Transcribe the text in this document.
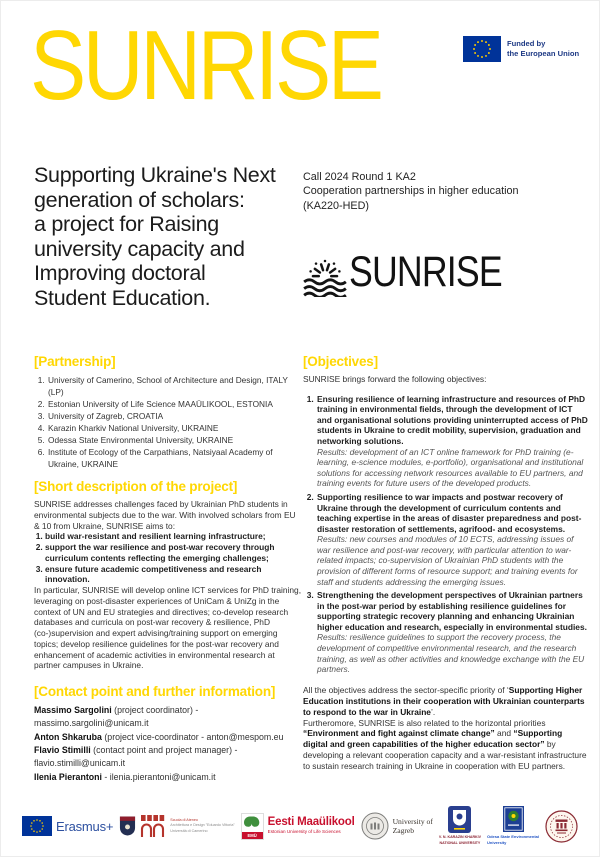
SUNRISE	Funded by
the European Union
Supporting Ukraine's Next
generation of scholars:
a project for Raising
university capacity and
Improving doctoral
Student Education.
Call 2024 Round 1 KA2
Cooperation partnerships in higher education
(KA220-HED)
SUNRISE
[Partnership]
1. University of Camerino, School of Architecture and Design, ITALY (LP)
2. Estonian University of Life Science MAAÜLIKOOL, ESTONIA
3. University of Zagreb, CROATIA
4. Karazin Kharkiv National University, UKRAINE
5. Odessa State Environmental University, UKRAINE
6. Institute of Ecology of the Carpathians, Natsiyaal Academy of Ukraine, UKRAINE
[Short description of the project]

SUNRISE addresses challenges faced by Ukrainian PhD students in environmental subjects due to the war. With involved scholars from EU & 10 from Ukraine, SUNRISE aims to:

1. build war-resistant and resilient learning infrastructure;
2. support the war resilience and post-war recovery through curriculum contents reflecting the emerging challenges;
3. ensure future academic competitiveness and research innovation.

In particular, SUNRISE will develop online ICT services for PhD training, leveraging on post-disaster experiences of UniCam & UniZg in the context of UN and EU strategies and directives; co-develop research databases and curricula on post-war recovery & resilience, PhD (co-)supervision and expert advising/training support on emerging topics; develop resilience guidelines for the post-war recovery and enhancement of academic activities in environmental research at partner campuses in Ukraine.

[Contact point and further information]
Massimo Sargolini (project coordinator) - massimo.sargolini@unicam.it
Anton Shkaruba (project vice-coordinator - anton@mespom.eu
Flavio Stimilli (contact point and project manager) - flavio.stimilli@unicam.it
Ilenia Pierantoni - ilenia.pierantoni@unicam.it
[Objectives]

SUNRISE brings forward the following objectives:

1. Ensuring resilience of learning infrastructure and resources of PhD training in environmental fields, through the development of ICT and organisational solutions providing uninterrupted access of PhD students in Ukraine to credit mobility, supervision, graduation and networking solutions.
Results: development of an ICT online framework for PhD training (e-learning, e-science modules, e-portfolio), organisational and institutional solutions for accessing network resources available to EU partners, and training events for future users of the developed products.
2. Supporting resilience to war impacts and postwar recovery of Ukraine through the development of curriculum contents and teaching expertise in the areas of disaster preparedness and post-disaster restoration of settlements, agrifood- and ecosystems.
Results: new courses and modules of 10 ECTS, addressing issues of war resilience and post-war recovery, with particular attention to war-related impacts; co-supervision of Ukrainian PhD students with the provision of different forms of resource support; and training events for staff and students addressing the emerging issues.
3. Strengthening the development perspectives of Ukrainian partners in the post-war period by establishing resilience guidelines for supporting strategic recovery planning and enhancing Ukrainian higher education and research, especially in environmental studies.
Results: resilience guidelines to support the recovery process, the development of competitive environmental research, and the research training, as well as other activities and knowledge exchange with the EU partners.

All the objectives address the sector-specific priority of ‘Supporting Higher Education institutions in their cooperation with Ukrainian counterparts to respond to the war in Ukraine’.

Furtheromore, SUNRISE is also related to the horizontal priorities “Environment and fight against climate change” and “Supporting digital and green capabilities of the higher education sector” by developing a relevant cooperation capacity and a war-resistant infrastructure to sustain research training in Ukraine in cooperation with EU partners.

Erasmus+	Scuola di Ateneo
Architettura e Design "Eduardo Vittoria"
Università di Camerino
EMÜ
Eesti Maaülikool
Estonian University of Life Sciences
University of
Zagreb
V. N. KARAZIN KHARKIV
NATIONAL UNIVERSITY
Odesa State Environmental
University
